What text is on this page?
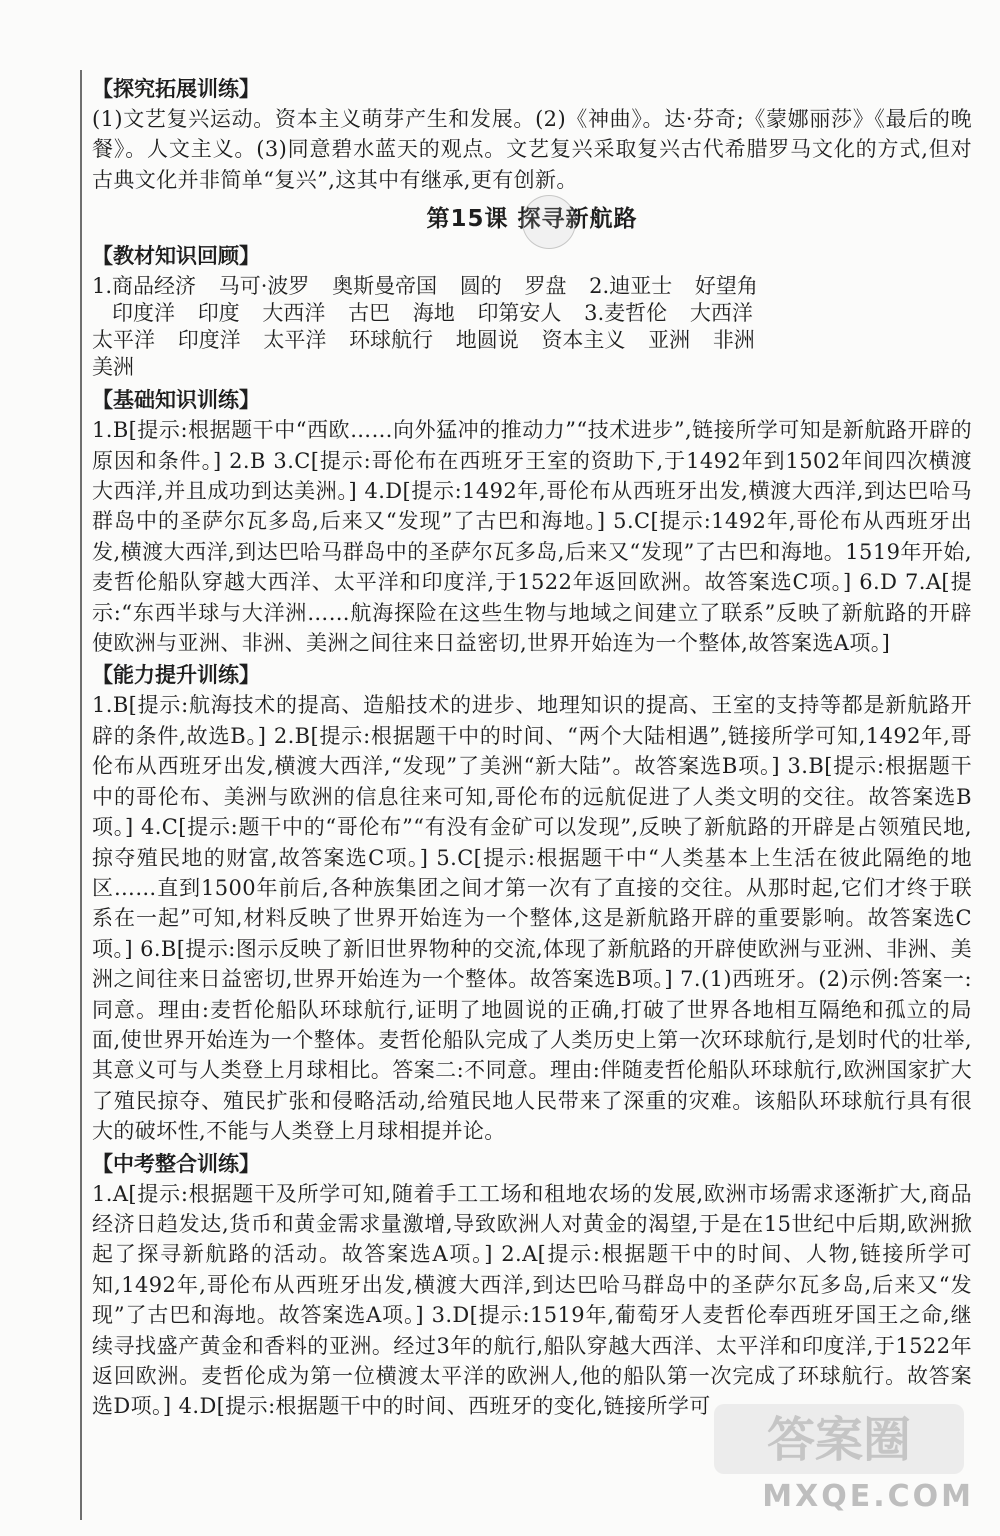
【探究拓展训练】

(1)文艺复兴运动。资本主义萌芽产生和发展。(2)《神曲》。达·芬奇;《蒙娜丽莎》《最后的晚餐》。人文主义。(3)同意碧水蓝天的观点。文艺复兴采取复兴古代希腊罗马文化的方式,但对古典文化并非简单“复兴”,这其中有继承,更有创新。

第15课 探寻新航路
【教材知识回顾】
1.商品经济 马可·波罗 奥斯曼帝国 圆的 罗盘 2.迪亚士 好望角
印度洋 印度 大西洋 古巴 海地 印第安人 3.麦哲伦 大西洋
太平洋 印度洋 太平洋 环球航行 地圆说 资本主义 亚洲 非洲
美洲
【基础知识训练】

1.B[提示:根据题干中“西欧……向外猛冲的推动力”“技术进步”,链接所学可知是新航路开辟的原因和条件。] 2.B 3.C[提示:哥伦布在西班牙王室的资助下,于1492年到1502年间四次横渡大西洋,并且成功到达美洲。] 4.D[提示:1492年,哥伦布从西班牙出发,横渡大西洋,到达巴哈马群岛中的圣萨尔瓦多岛,后来又“发现”了古巴和海地。] 5.C[提示:1492年,哥伦布从西班牙出发,横渡大西洋,到达巴哈马群岛中的圣萨尔瓦多岛,后来又“发现”了古巴和海地。1519年开始,麦哲伦船队穿越大西洋、太平洋和印度洋,于1522年返回欧洲。故答案选C项。] 6.D 7.A[提示:“东西半球与大洋洲……航海探险在这些生物与地域之间建立了联系”反映了新航路的开辟使欧洲与亚洲、非洲、美洲之间往来日益密切,世界开始连为一个整体,故答案选A项。]

【能力提升训练】

1.B[提示:航海技术的提高、造船技术的进步、地理知识的提高、王室的支持等都是新航路开辟的条件,故选B。] 2.B[提示:根据题干中的时间、“两个大陆相遇”,链接所学可知,1492年,哥伦布从西班牙出发,横渡大西洋,“发现”了美洲“新大陆”。故答案选B项。] 3.B[提示:根据题干中的哥伦布、美洲与欧洲的信息往来可知,哥伦布的远航促进了人类文明的交往。故答案选B项。] 4.C[提示:题干中的“哥伦布”“有没有金矿可以发现”,反映了新航路的开辟是占领殖民地,掠夺殖民地的财富,故答案选C项。] 5.C[提示:根据题干中“人类基本上生活在彼此隔绝的地区……直到1500年前后,各种族集团之间才第一次有了直接的交往。从那时起,它们才终于联系在一起”可知,材料反映了世界开始连为一个整体,这是新航路开辟的重要影响。故答案选C项。] 6.B[提示:图示反映了新旧世界物种的交流,体现了新航路的开辟使欧洲与亚洲、非洲、美洲之间往来日益密切,世界开始连为一个整体。故答案选B项。] 7.(1)西班牙。(2)示例:答案一:同意。理由:麦哲伦船队环球航行,证明了地圆说的正确,打破了世界各地相互隔绝和孤立的局面,使世界开始连为一个整体。麦哲伦船队完成了人类历史上第一次环球航行,是划时代的壮举,其意义可与人类登上月球相比。答案二:不同意。理由:伴随麦哲伦船队环球航行,欧洲国家扩大了殖民掠夺、殖民扩张和侵略活动,给殖民地人民带来了深重的灾难。该船队环球航行具有很大的破坏性,不能与人类登上月球相提并论。

【中考整合训练】

1.A[提示:根据题干及所学可知,随着手工工场和租地农场的发展,欧洲市场需求逐渐扩大,商品经济日趋发达,货币和黄金需求量激增,导致欧洲人对黄金的渴望,于是在15世纪中后期,欧洲掀起了探寻新航路的活动。故答案选A项。] 2.A[提示:根据题干中的时间、人物,链接所学可知,1492年,哥伦布从西班牙出发,横渡大西洋,到达巴哈马群岛中的圣萨尔瓦多岛,后来又“发现”了古巴和海地。故答案选A项。] 3.D[提示:1519年,葡萄牙人麦哲伦奉西班牙国王之命,继续寻找盛产黄金和香料的亚洲。经过3年的航行,船队穿越大西洋、太平洋和印度洋,于1522年返回欧洲。麦哲伦成为第一位横渡太平洋的欧洲人,他的船队第一次完成了环球航行。故答案选D项。] 4.D[提示:根据题干中的时间、西班牙的变化,链接所学可

答案圈
MXQE.COM
